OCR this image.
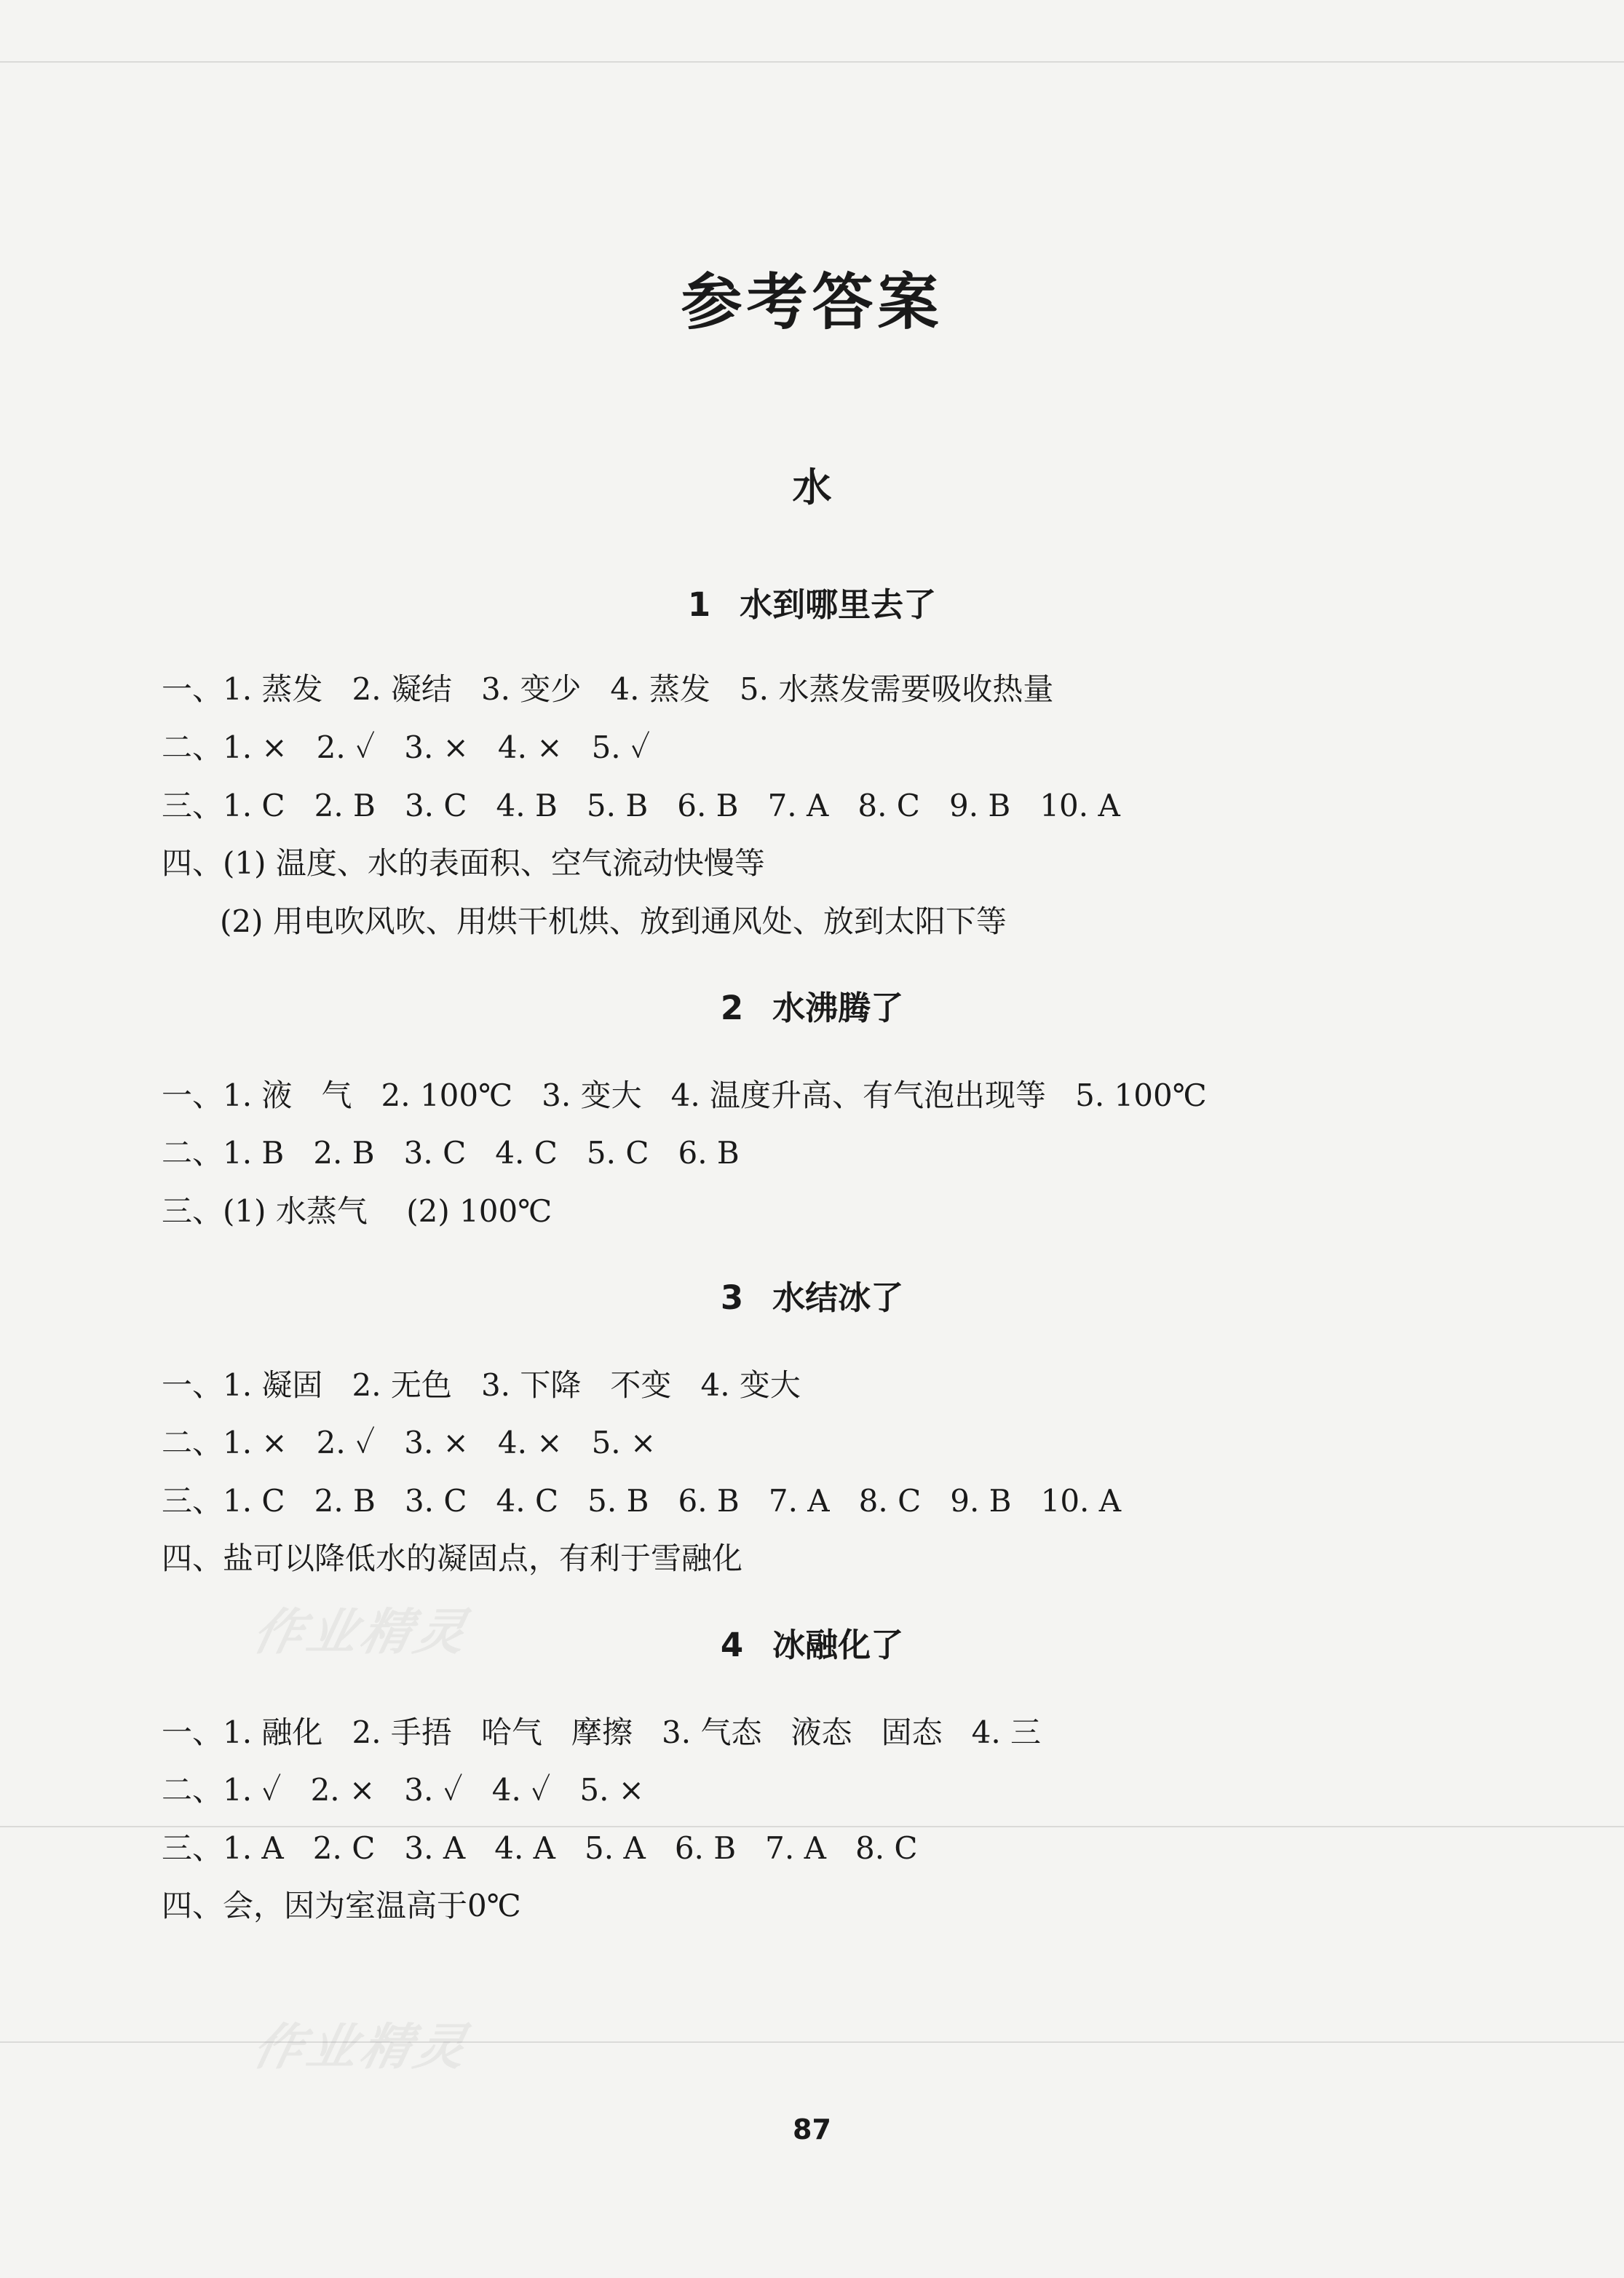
参考答案
水
1 水到哪里去了
一、1. 蒸发   2. 凝结   3. 变少   4. 蒸发   5. 水蒸发需要吸收热量
二、1. ×   2. ✓   3. ×   4. ×   5. ✓
三、1. C   2. B   3. C   4. B   5. B   6. B   7. A   8. C   9. B   10. A
四、(1) 温度、水的表面积、空气流动快慢等
(2) 用电吹风吹、用烘干机烘、放到通风处、放到太阳下等
2 水沸腾了
一、1. 液   气   2. 100℃   3. 变大   4. 温度升高、有气泡出现等   5. 100℃
二、1. B   2. B   3. C   4. C   5. C   6. B
三、(1) 水蒸气    (2) 100℃
3 水结冰了
一、1. 凝固   2. 无色   3. 下降   不变   4. 变大
二、1. ×   2. ✓   3. ×   4. ×   5. ×
三、1. C   2. B   3. C   4. C   5. B   6. B   7. A   8. C   9. B   10. A
四、盐可以降低水的凝固点，有利于雪融化
4 冰融化了
一、1. 融化   2. 手捂   哈气   摩擦   3. 气态   液态   固态   4. 三
二、1. ✓   2. ×   3. ✓   4. ✓   5. ×
三、1. A   2. C   3. A   4. A   5. A   6. B   7. A   8. C
四、会，因为室温高于0℃
作业精灵
作业精灵
87
